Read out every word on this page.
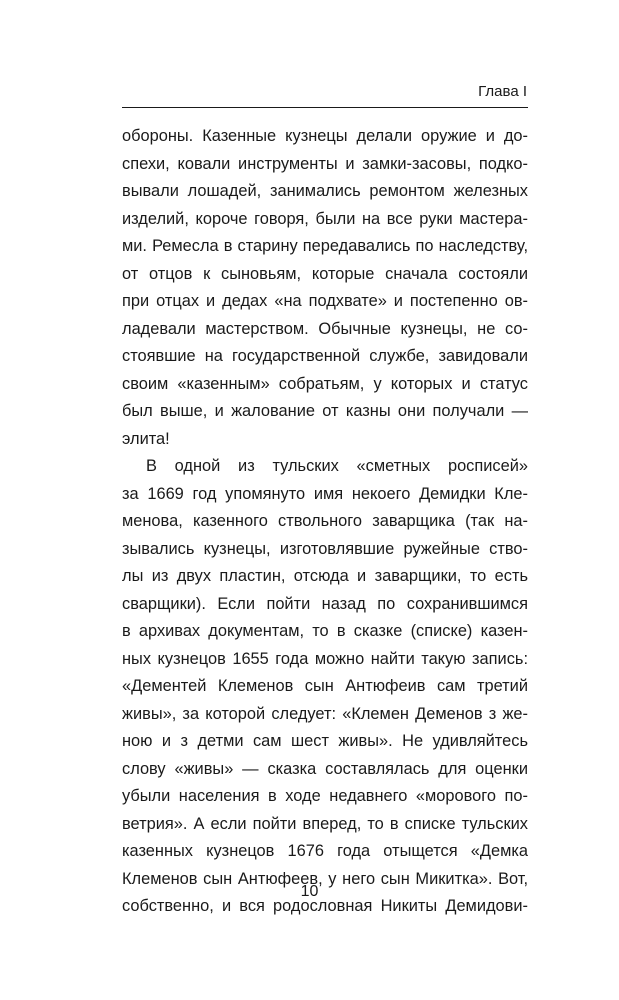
Глава I
обороны. Казенные кузнецы делали оружие и до-
спехи, ковали инструменты и замки-засовы, подко-
вывали лошадей, занимались ремонтом железных
изделий, короче говоря, были на все руки мастера-
ми. Ремесла в старину передавались по наследству,
от отцов к сыновьям, которые сначала состояли
при отцах и дедах «на подхвате» и постепенно ов-
ладевали мастерством. Обычные кузнецы, не со-
стоявшие на государственной службе, завидовали
своим «казенным» собратьям, у которых и статус
был выше, и жалование от казны они получали —
элита!
В одной из тульских «сметных росписей»
за 1669 год упомянуто имя некоего Демидки Кле-
менова, казенного ствольного заварщика (так на-
зывались кузнецы, изготовлявшие ружейные ство-
лы из двух пластин, отсюда и заварщики, то есть
сварщики). Если пойти назад по сохранившимся
в архивах документам, то в сказке (списке) казен-
ных кузнецов 1655 года можно найти такую запись:
«Дементей Клеменов сын Антюфеив сам третий
живы», за которой следует: «Клемен Деменов з же-
ною и з детми сам шест живы». Не удивляйтесь
слову «живы» — сказка составлялась для оценки
убыли населения в ходе недавнего «морового по-
ветрия». А если пойти вперед, то в списке тульских
казенных кузнецов 1676 года отыщется «Демка
Клеменов сын Антюфеев, у него сын Микитка». Вот,
собственно, и вся родословная Никиты Демидови-
10
